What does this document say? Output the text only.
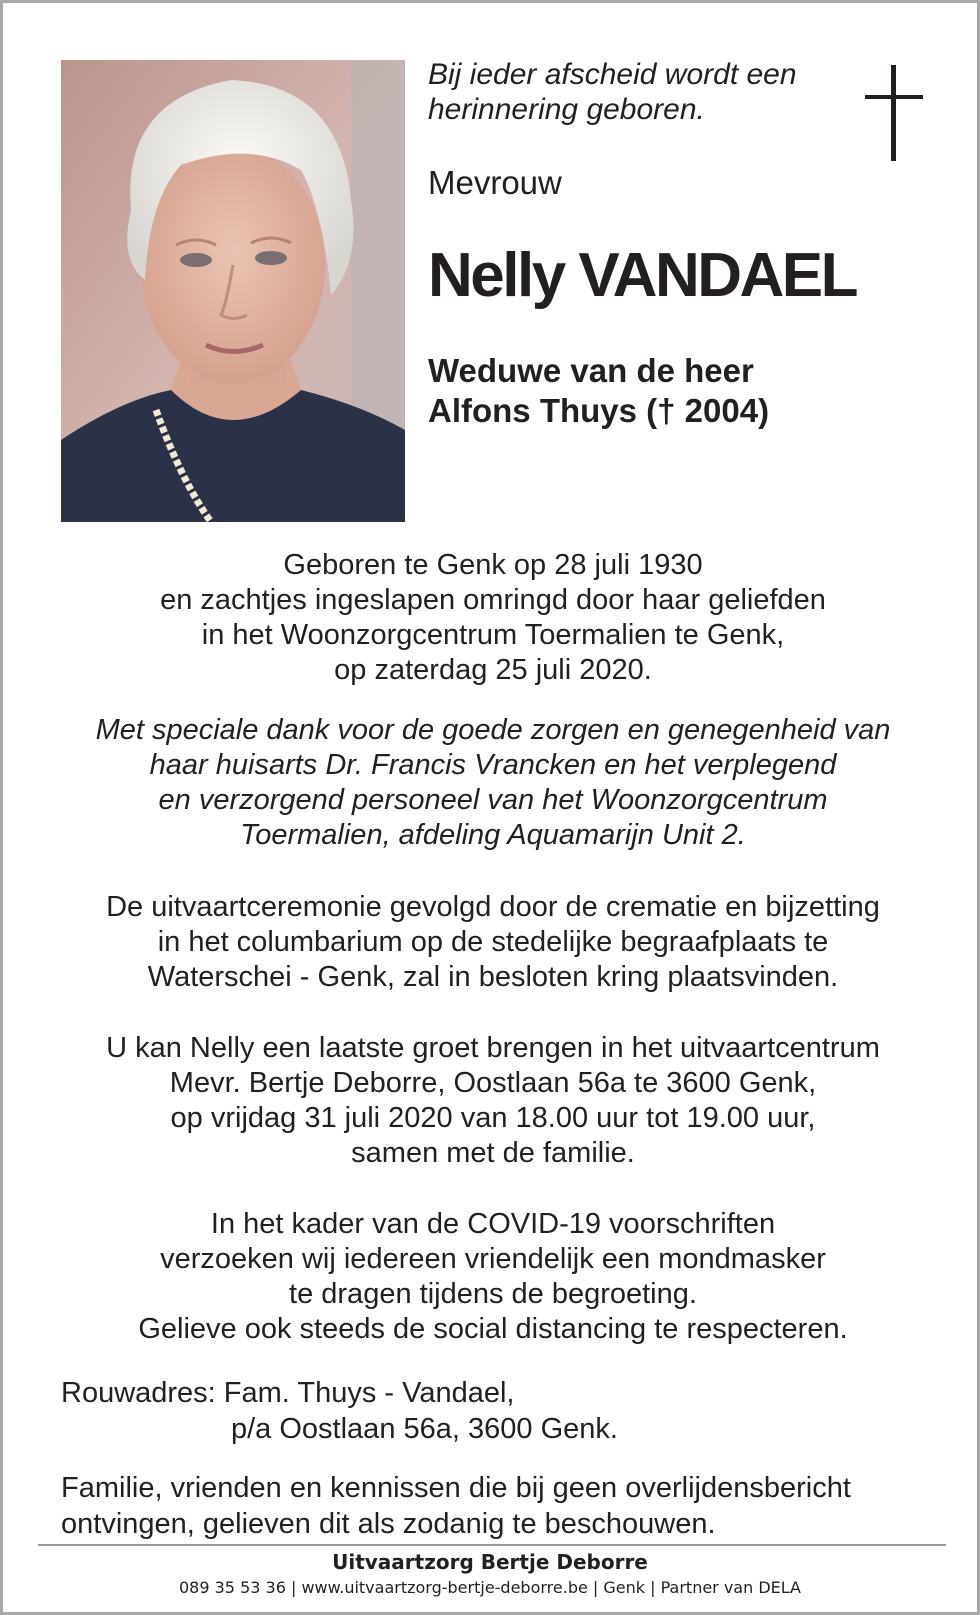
Bij ieder afscheid wordt een
herinnering geboren.
Mevrouw
Nelly VANDAEL
Weduwe van de heer
Alfons Thuys († 2004)
Geboren te Genk op 28 juli 1930
en zachtjes ingeslapen omringd door haar geliefden
in het Woonzorgcentrum Toermalien te Genk,
op zaterdag 25 juli 2020.
Met speciale dank voor de goede zorgen en genegenheid van
haar huisarts Dr. Francis Vrancken en het verplegend
en verzorgend personeel van het Woonzorgcentrum
Toermalien, afdeling Aquamarijn Unit 2.
De uitvaartceremonie gevolgd door de crematie en bijzetting
in het columbarium op de stedelijke begraafplaats te
Waterschei - Genk, zal in besloten kring plaatsvinden.
U kan Nelly een laatste groet brengen in het uitvaartcentrum
Mevr. Bertje Deborre, Oostlaan 56a te 3600 Genk,
op vrijdag 31 juli 2020 van 18.00 uur tot 19.00 uur,
samen met de familie.
In het kader van de COVID-19 voorschriften
verzoeken wij iedereen vriendelijk een mondmasker
te dragen tijdens de begroeting.
Gelieve ook steeds de social distancing te respecteren.
Rouwadres: Fam. Thuys - Vandael,
p/a Oostlaan 56a, 3600 Genk.
Familie, vrienden en kennissen die bij geen overlijdensbericht
ontvingen, gelieven dit als zodanig te beschouwen.
Uitvaartzorg Bertje Deborre
089 35 53 36 | www.uitvaartzorg-bertje-deborre.be | Genk | Partner van DELA
